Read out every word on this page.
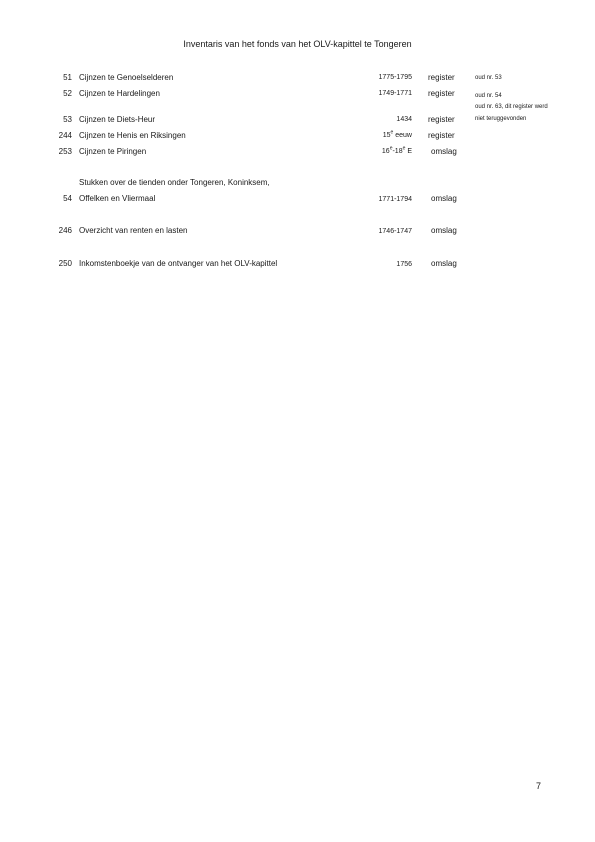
Inventaris van het fonds van het OLV-kapittel te Tongeren
51 Cijnzen te Genoelselderen	1775-1795 register	oud nr. 53
52 Cijnzen te Hardelingen	1749-1771 register	oud nr. 54
oud nr. 63, dit register werd
niet teruggevonden
53 Cijnzen te Diets-Heur	1434 register
244 Cijnzen te Henis en Riksingen	15e eeuw register
253 Cijnzen te Piringen	16e-18e E omslag
Stukken over de tienden onder Tongeren, Koninksem,
54 Offelken en Vliermaal	1771-1794 omslag
246 Overzicht van renten en lasten	1746-1747 omslag
250 Inkomstenboekje van de ontvanger van het OLV-kapittel	1756 omslag
7
